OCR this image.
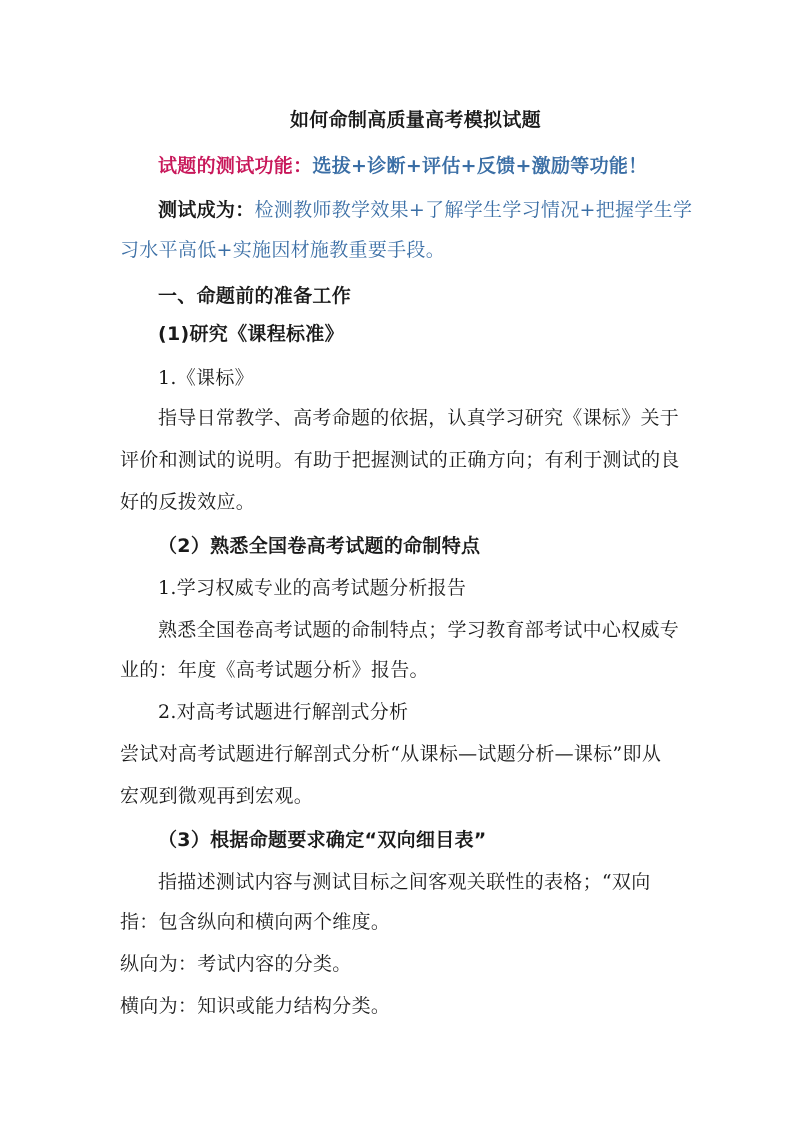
如何命制高质量高考模拟试题
试题的测试功能：选拔+诊断+评估+反馈+激励等功能！
测试成为：检测教师教学效果+了解学生学习情况+把握学生学
习水平高低+实施因材施教重要手段。
一、命题前的准备工作
(1)研究《课程标准》
1.《课标》
指导日常教学、高考命题的依据，认真学习研究《课标》关于
评价和测试的说明。有助于把握测试的正确方向；有利于测试的良
好的反拨效应。
（2）熟悉全国卷高考试题的命制特点
1.学习权威专业的高考试题分析报告
熟悉全国卷高考试题的命制特点；学习教育部考试中心权威专
业的：年度《高考试题分析》报告。
2.对高考试题进行解剖式分析
尝试对高考试题进行解剖式分析“从课标—试题分析—课标”即从
宏观到微观再到宏观。
（3）根据命题要求确定“双向细目表”
指描述测试内容与测试目标之间客观关联性的表格；“双向
指：包含纵向和横向两个维度。
纵向为：考试内容的分类。
横向为：知识或能力结构分类。
